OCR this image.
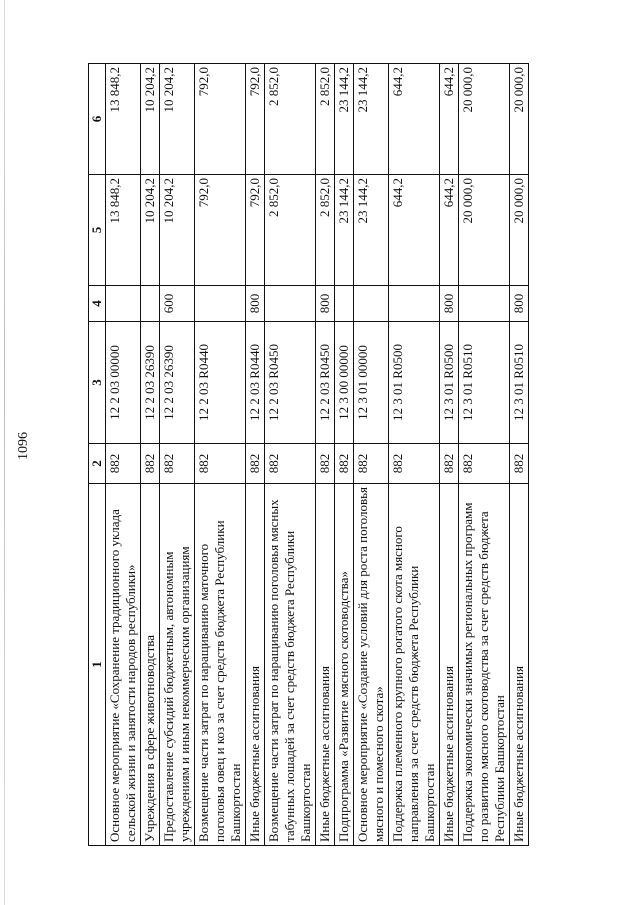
1096
1	2	3	4	5	6
Основное мероприятие «Сохранение традиционного уклада сельской жизни и занятости народов республики»	882	12 2 03 00000		13 848,2	13 848,2
Учреждения в сфере животноводства	882	12 2 03 26390		10 204,2	10 204,2
Предоставление субсидий бюджетным, автономным учреждениям и иным некоммерческим организациям	882	12 2 03 26390	600	10 204,2	10 204,2
Возмещение части затрат по наращиванию маточного поголовья овец и коз за счет средств бюджета Республики Башкортостан	882	12 2 03 R0440		792,0	792,0
Иные бюджетные ассигнования	882	12 2 03 R0440	800	792,0	792,0
Возмещение части затрат по наращиванию поголовья мясных табунных лошадей за счет средств бюджета Республики Башкортостан	882	12 2 03 R0450		2 852,0	2 852,0
Иные бюджетные ассигнования	882	12 2 03 R0450	800	2 852,0	2 852,0
Подпрограмма «Развитие мясного скотоводства»	882	12 3 00 00000		23 144,2	23 144,2
Основное мероприятие «Создание условий для роста поголовья мясного и помесного скота»	882	12 3 01 00000		23 144,2	23 144,2
Поддержка племенного крупного рогатого скота мясного направления за счет средств бюджета Республики Башкортостан	882	12 3 01 R0500		644,2	644,2
Иные бюджетные ассигнования	882	12 3 01 R0500	800	644,2	644,2
Поддержка экономически значимых региональных программ по развитию мясного скотоводства за счет средств бюджета Республики Башкортостан	882	12 3 01 R0510		20 000,0	20 000,0
Иные бюджетные ассигнования	882	12 3 01 R0510	800	20 000,0	20 000,0
